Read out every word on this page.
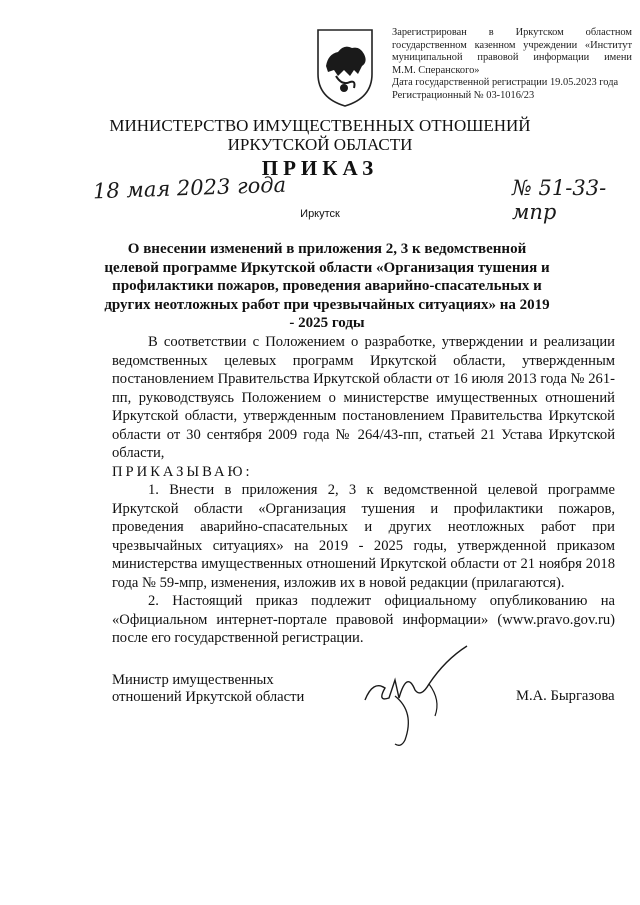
Зарегистрирован в Иркутском областном
государственном казенном учреждении «Институт
муниципальной правовой информации имени
М.М. Сперанского»
Дата государственной регистрации 19.05.2023 года
Регистрационный № 03-1016/23
МИНИСТЕРСТВО ИМУЩЕСТВЕННЫХ ОТНОШЕНИЙ
ИРКУТСКОЙ ОБЛАСТИ
ПРИКАЗ
18 мая 2023 года	№ 51-33-мпр
Иркутск
О внесении изменений в приложения 2, 3 к ведомственной целевой программе Иркутской области «Организация тушения и профилактики пожаров, проведения аварийно-спасательных и других неотложных работ при чрезвычайных ситуациях» на 2019 - 2025 годы

В соответствии с Положением о разработке, утверждении и реализации ведомственных целевых программ Иркутской области, утвержденным постановлением Правительства Иркутской области от 16 июля 2013 года № 261-пп, руководствуясь Положением о министерстве имущественных отношений Иркутской области, утвержденным постановлением Правительства Иркутской области от 30 сентября 2009 года № 264/43-пп, статьей 21 Устава Иркутской области,

ПРИКАЗЫВАЮ:

1. Внести в приложения 2, 3 к ведомственной целевой программе Иркутской области «Организация тушения и профилактики пожаров, проведения аварийно-спасательных и других неотложных работ при чрезвычайных ситуациях» на 2019 - 2025 годы, утвержденной приказом министерства имущественных отношений Иркутской области от 21 ноября 2018 года № 59-мпр, изменения, изложив их в новой редакции (прилагаются).

2. Настоящий приказ подлежит официальному опубликованию на «Официальном интернет-портале правовой информации» (www.pravo.gov.ru) после его государственной регистрации.

Министр имущественных
отношений Иркутской области	М.А. Быргазова
